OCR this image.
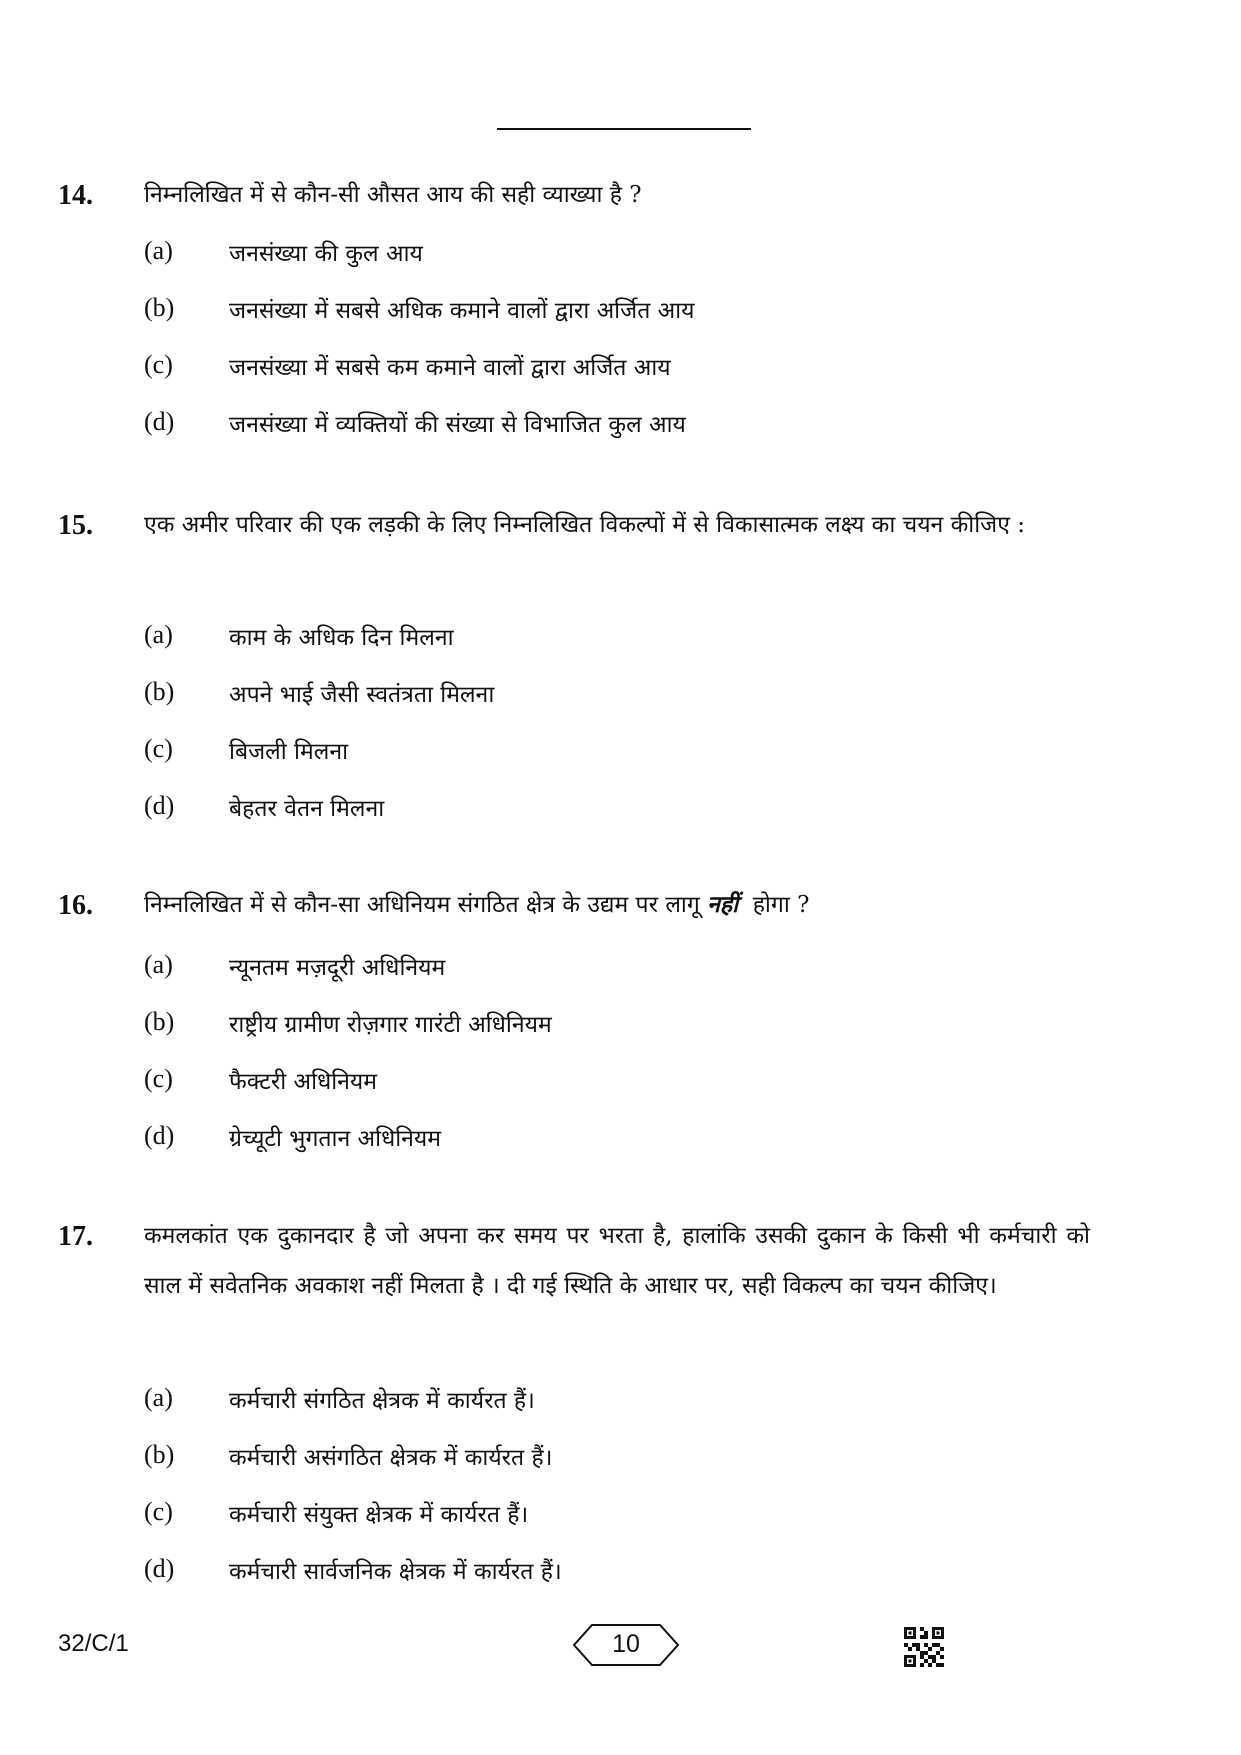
14. निम्नलिखित में से कौन-सी औसत आय की सही व्याख्या है ?
(a) जनसंख्या की कुल आय
(b) जनसंख्या में सबसे अधिक कमाने वालों द्वारा अर्जित आय
(c) जनसंख्या में सबसे कम कमाने वालों द्वारा अर्जित आय
(d) जनसंख्या में व्यक्तियों की संख्या से विभाजित कुल आय
15. एक अमीर परिवार की एक लड़की के लिए निम्नलिखित विकल्पों में से विकासात्मक लक्ष्य का चयन कीजिए :
(a) काम के अधिक दिन मिलना
(b) अपने भाई जैसी स्वतंत्रता मिलना
(c) बिजली मिलना
(d) बेहतर वेतन मिलना
16. निम्नलिखित में से कौन-सा अधिनियम संगठित क्षेत्र के उद्यम पर लागू नहीं होगा ?
(a) न्यूनतम मज़दूरी अधिनियम
(b) राष्ट्रीय ग्रामीण रोज़गार गारंटी अधिनियम
(c) फैक्टरी अधिनियम
(d) ग्रेच्यूटी भुगतान अधिनियम
17. कमलकांत एक दुकानदार है जो अपना कर समय पर भरता है, हालांकि उसकी दुकान के किसी भी कर्मचारी को साल में सवेतनिक अवकाश नहीं मिलता है । दी गई स्थिति के आधार पर, सही विकल्प का चयन कीजिए।
(a) कर्मचारी संगठित क्षेत्रक में कार्यरत हैं।
(b) कर्मचारी असंगठित क्षेत्रक में कार्यरत हैं।
(c) कर्मचारी संयुक्त क्षेत्रक में कार्यरत हैं।
(d) कर्मचारी सार्वजनिक क्षेत्रक में कार्यरत हैं।
32/C/1	10
